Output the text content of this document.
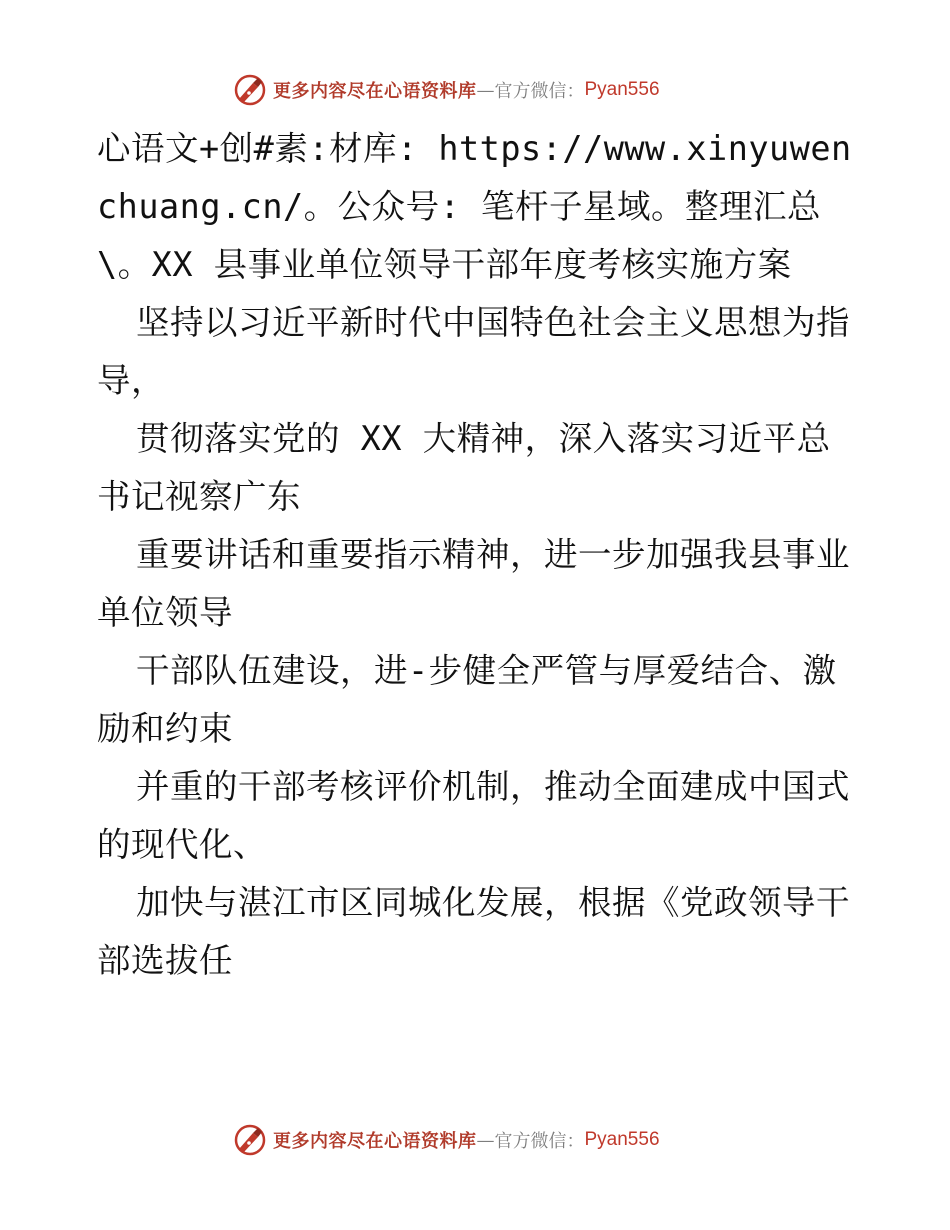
更多内容尽在心语资料库 — 官方微信： Pyan556

心语文+创#素:材库: https://www.xinyuwenchuang.cn/。公众号: 笔杆子星域。整理汇总\。XX 县事业单位领导干部年度考核实施方案

坚持以习近平新时代中国特色社会主义思想为指导，

贯彻落实党的 XX 大精神，深入落实习近平总书记视察广东

重要讲话和重要指示精神，进一步加强我县事业单位领导

干部队伍建设，进-步健全严管与厚爱结合、激励和约束

并重的干部考核评价机制，推动全面建成中国式的现代化、

加快与湛江市区同城化发展，根据《党政领导干部选拔任

更多内容尽在心语资料库 — 官方微信： Pyan556
